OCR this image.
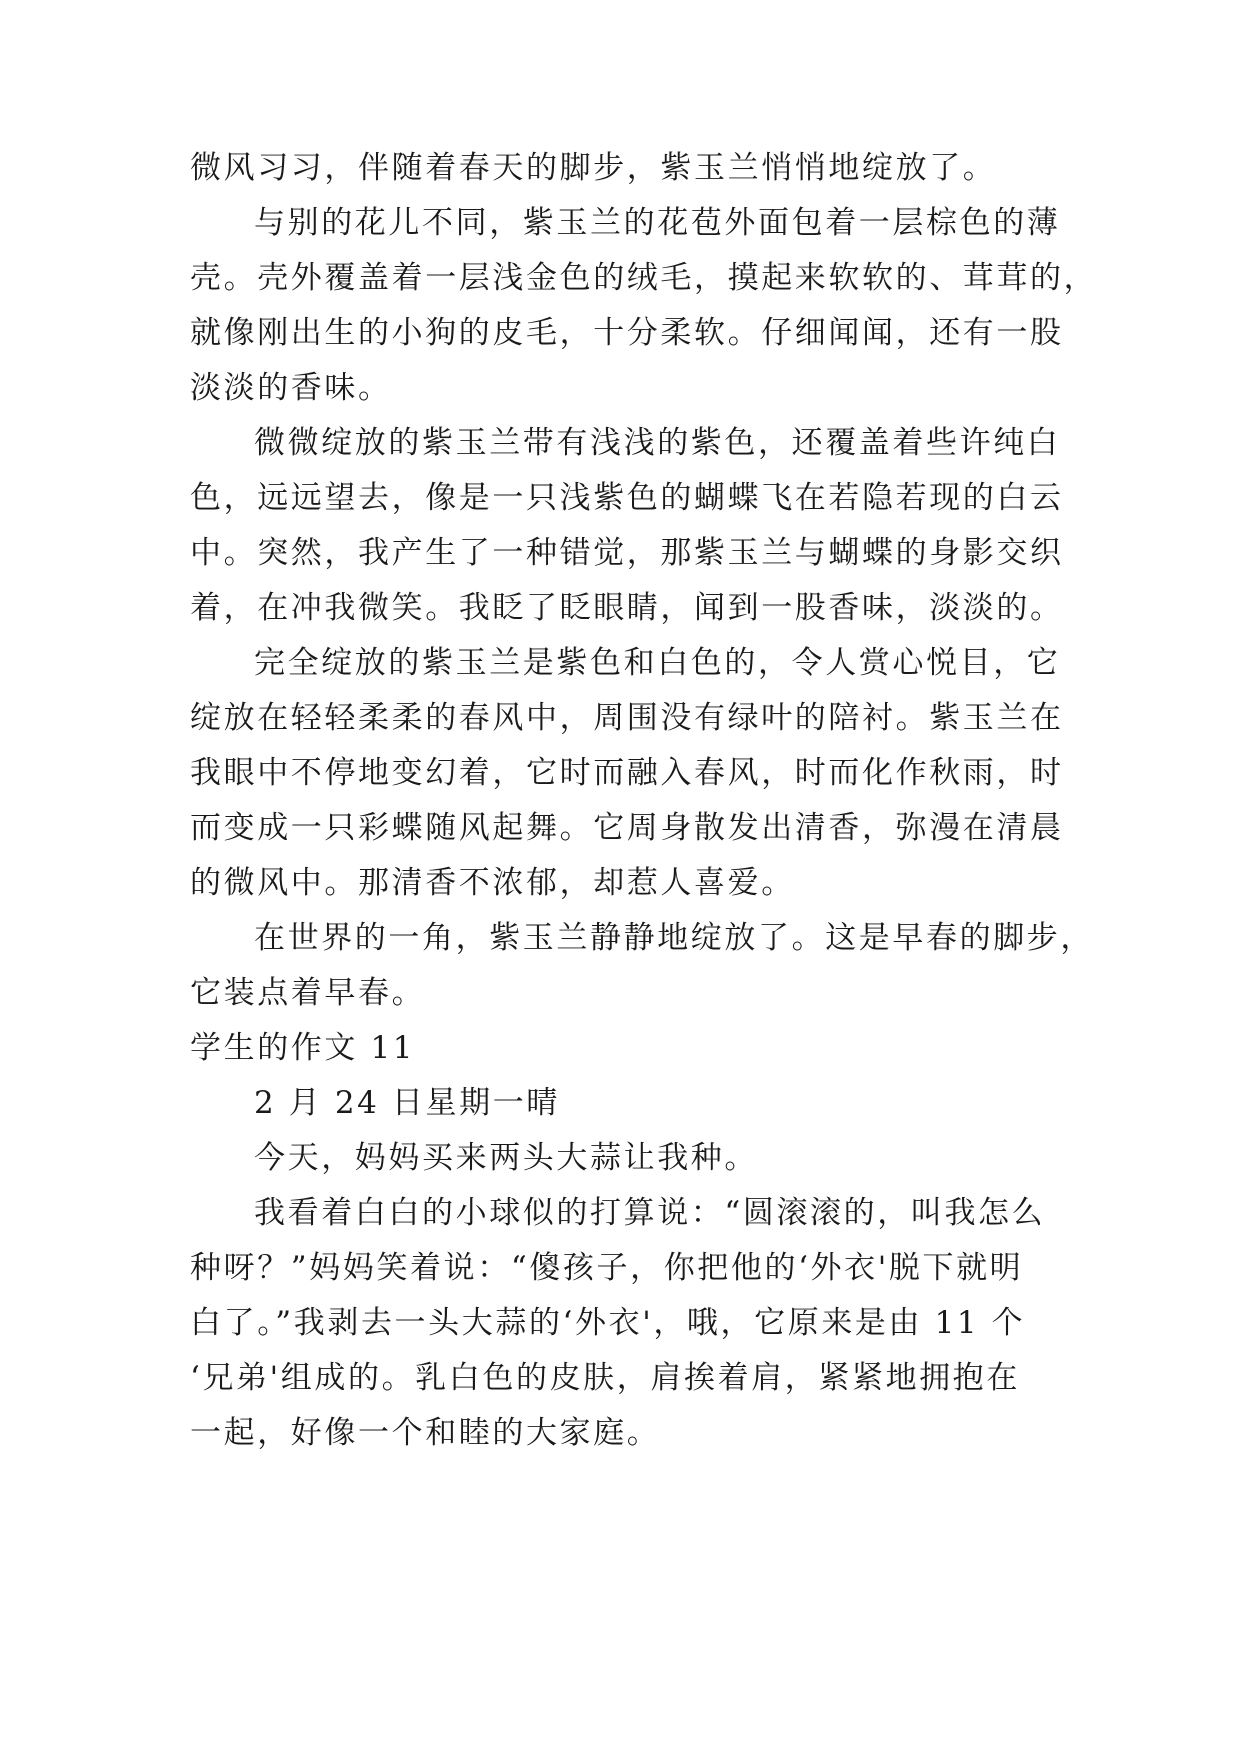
微风习习，伴随着春天的脚步，紫玉兰悄悄地绽放了。
与别的花儿不同，紫玉兰的花苞外面包着一层棕色的薄
壳。壳外覆盖着一层浅金色的绒毛，摸起来软软的、茸茸的，
就像刚出生的小狗的皮毛，十分柔软。仔细闻闻，还有一股
淡淡的香味。
微微绽放的紫玉兰带有浅浅的紫色，还覆盖着些许纯白
色，远远望去，像是一只浅紫色的蝴蝶飞在若隐若现的白云
中。突然，我产生了一种错觉，那紫玉兰与蝴蝶的身影交织
着，在冲我微笑。我眨了眨眼睛，闻到一股香味，淡淡的。
完全绽放的紫玉兰是紫色和白色的，令人赏心悦目，它
绽放在轻轻柔柔的春风中，周围没有绿叶的陪衬。紫玉兰在
我眼中不停地变幻着，它时而融入春风，时而化作秋雨，时
而变成一只彩蝶随风起舞。它周身散发出清香，弥漫在清晨
的微风中。那清香不浓郁，却惹人喜爱。
在世界的一角，紫玉兰静静地绽放了。这是早春的脚步，
它装点着早春。
学生的作文 11
2 月 24 日星期一晴
今天，妈妈买来两头大蒜让我种。
我看着白白的小球似的打算说：“圆滚滚的，叫我怎么
种呀？”妈妈笑着说：“傻孩子，你把他的‘外衣'脱下就明
白了。”我剥去一头大蒜的‘外衣'，哦，它原来是由 11 个
‘兄弟'组成的。乳白色的皮肤，肩挨着肩，紧紧地拥抱在
一起，好像一个和睦的大家庭。
